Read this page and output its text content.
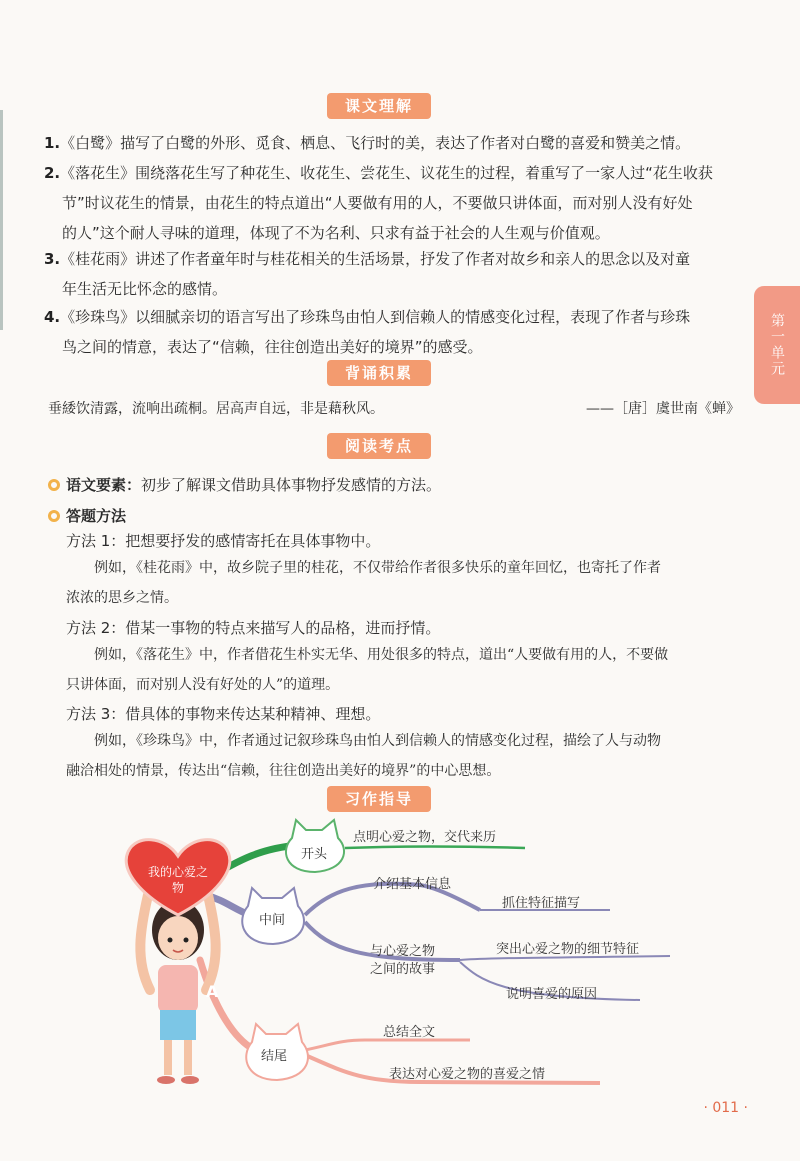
课文理解
1.《白鹭》描写了白鹭的外形、觅食、栖息、飞行时的美，表达了作者对白鹭的喜爱和赞美之情。
2.《落花生》围绕落花生写了种花生、收花生、尝花生、议花生的过程，着重写了一家人过“花生收获
节”时议花生的情景，由花生的特点道出“人要做有用的人，不要做只讲体面，而对别人没有好处
的人”这个耐人寻味的道理，体现了不为名利、只求有益于社会的人生观与价值观。
3.《桂花雨》讲述了作者童年时与桂花相关的生活场景，抒发了作者对故乡和亲人的思念以及对童
年生活无比怀念的感情。
4.《珍珠鸟》以细腻亲切的语言写出了珍珠鸟由怕人到信赖人的情感变化过程，表现了作者与珍珠
鸟之间的情意，表达了“信赖，往往创造出美好的境界”的感受。	第一单元
背诵积累
垂緌饮清露，流响出疏桐。居高声自远，非是藉秋风。	——［唐］虞世南《蝉》
阅读考点
语文要素：初步了解课文借助具体事物抒发感情的方法。
答题方法
方法 1：把想要抒发的感情寄托在具体事物中。
例如，《桂花雨》中，故乡院子里的桂花，不仅带给作者很多快乐的童年回忆，也寄托了作者
浓浓的思乡之情。
方法 2：借某一事物的特点来描写人的品格，进而抒情。
例如，《落花生》中，作者借花生朴实无华、用处很多的特点，道出“人要做有用的人，不要做
只讲体面，而对别人没有好处的人”的道理。
方法 3：借具体的事物来传达某种精神、理想。
例如，《珍珠鸟》中，作者通过记叙珍珠鸟由怕人到信赖人的情感变化过程，描绘了人与动物
融洽相处的情景，传达出“信赖，往往创造出美好的境界”的中心思想。
习作指导
我的心爱之物
A
开头
点明心爱之物，交代来历
中间
介绍基本信息
抓住特征描写
与心爱之物
之间的故事
突出心爱之物的细节特征
说明喜爱的原因
结尾
总结全文
表达对心爱之物的喜爱之情
· 011 ·
